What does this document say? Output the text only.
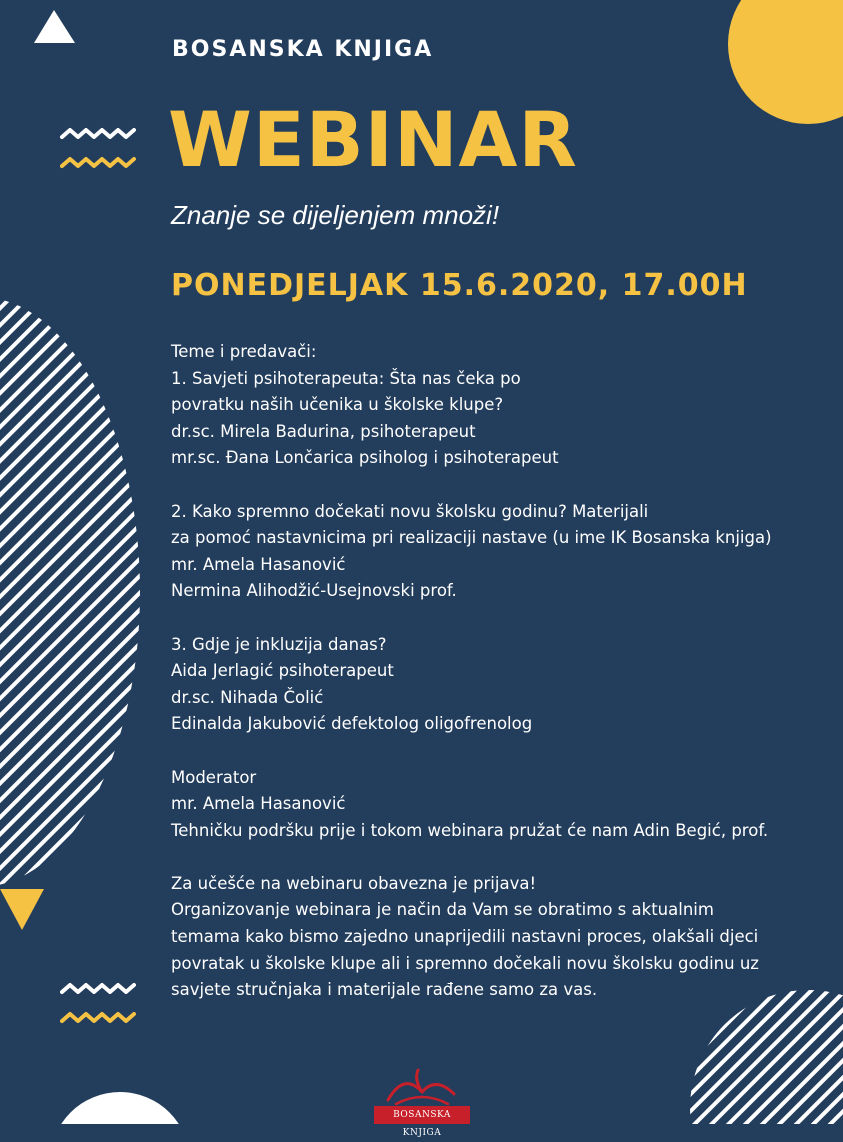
BOSANSKA KNJIGA
WEBINAR

Znanje se dijeljenjem množi!

PONEDJELJAK 15.6.2020, 17.00H

Teme i predavači:
1. Savjeti psihoterapeuta: Šta nas čeka po
povratku naših učenika u školske klupe?
dr.sc. Mirela Badurina, psihoterapeut
mr.sc. Đana Lončarica psiholog i psihoterapeut
2. Kako spremno dočekati novu školsku godinu? Materijali
za pomoć nastavnicima pri realizaciji nastave (u ime IK Bosanska knjiga)
mr. Amela Hasanović
Nermina Alihodžić-Usejnovski prof.
3. Gdje je inkluzija danas?
Aida Jerlagić psihoterapeut
dr.sc. Nihada Čolić
Edinalda Jakubović defektolog oligofrenolog
Moderator
mr. Amela Hasanović
Tehničku podršku prije i tokom webinara pružat će nam Adin Begić, prof.
Za učešće na webinaru obavezna je prijava!
Organizovanje webinara je način da Vam se obratimo s aktualnim
temama kako bismo zajedno unaprijedili nastavni proces, olakšali djeci
povratak u školske klupe ali i spremno dočekali novu školsku godinu uz
savjete stručnjaka i materijale rađene samo za vas.
BOSANSKA KNJIGA
